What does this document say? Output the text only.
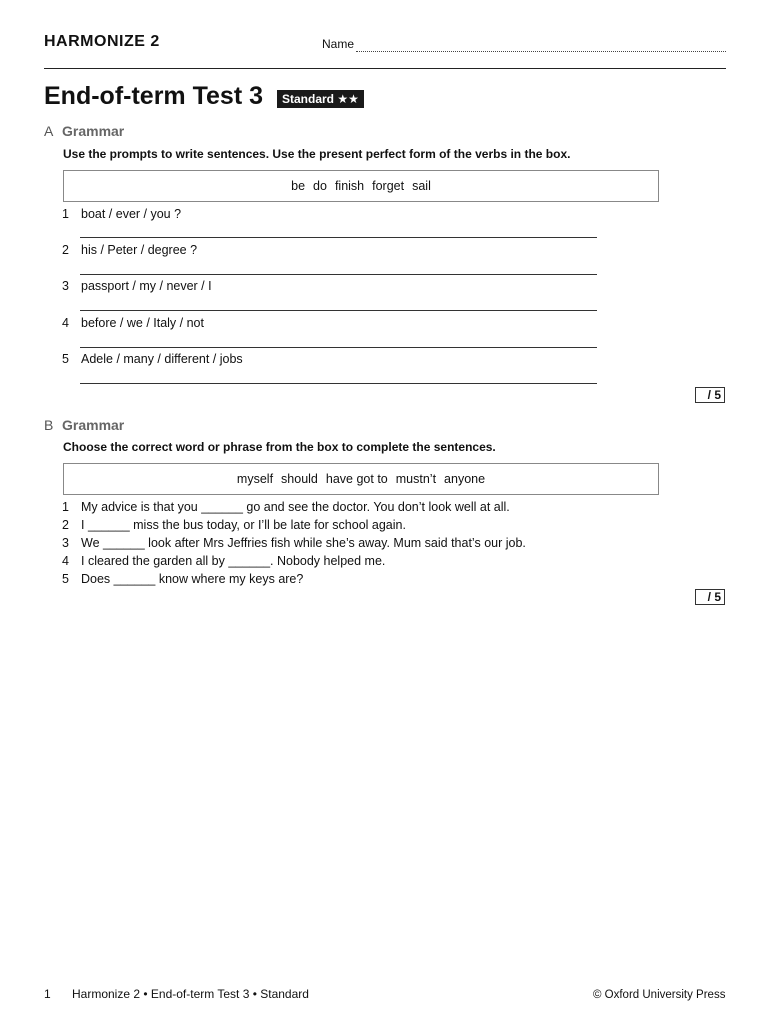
HARMONIZE 2	Name
End-of-term Test 3	Standard ★★
A Grammar
Use the prompts to write sentences. Use the present perfect form of the verbs in the box.
be do finish forget sail
1 boat / ever / you ?
2 his / Peter / degree ?
3 passport / my / never / I
4 before / we / Italy / not
5 Adele / many / different / jobs
/ 5
B Grammar
Choose the correct word or phrase from the box to complete the sentences.
myself should have got to mustn’t anyone
1 My advice is that you ______ go and see the doctor. You don’t look well at all.
2 I ______ miss the bus today, or I’ll be late for school again.
3 We ______ look after Mrs Jeffries fish while she’s away. Mum said that’s our job.
4 I cleared the garden all by ______. Nobody helped me.
5 Does ______ know where my keys are?
/ 5
1 Harmonize 2 • End-of-term Test 3 • Standard	© Oxford University Press
